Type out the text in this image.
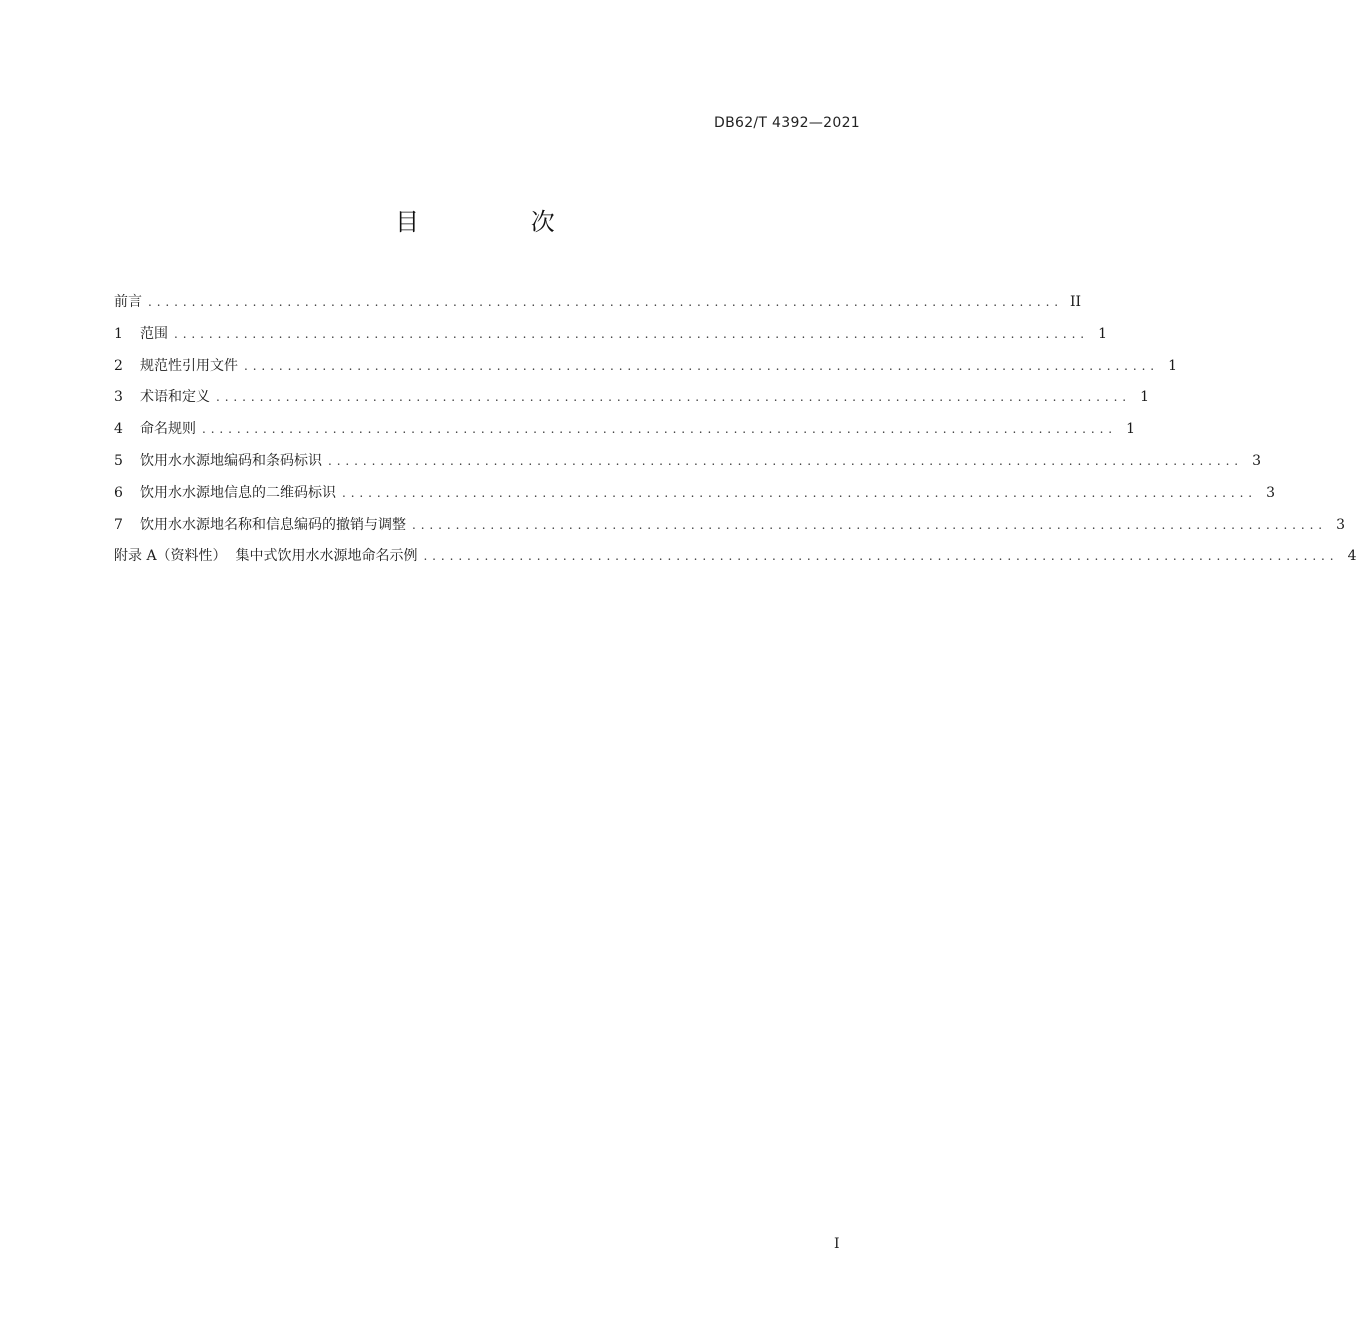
DB62/T 4392—2021
目 次
前言 ......................................................................................................... II
1	范围 ......................................................................................................... 1
2	规范性引用文件 ......................................................................................................... 1
3	术语和定义 ......................................................................................................... 1
4	命名规则 ......................................................................................................... 1
5	饮用水水源地编码和条码标识 ......................................................................................................... 3
6	饮用水水源地信息的二维码标识 ......................................................................................................... 3
7	饮用水水源地名称和信息编码的撤销与调整 ......................................................................................................... 3
附录 A（资料性）  集中式饮用水水源地命名示例 ......................................................................................................... 4
I
